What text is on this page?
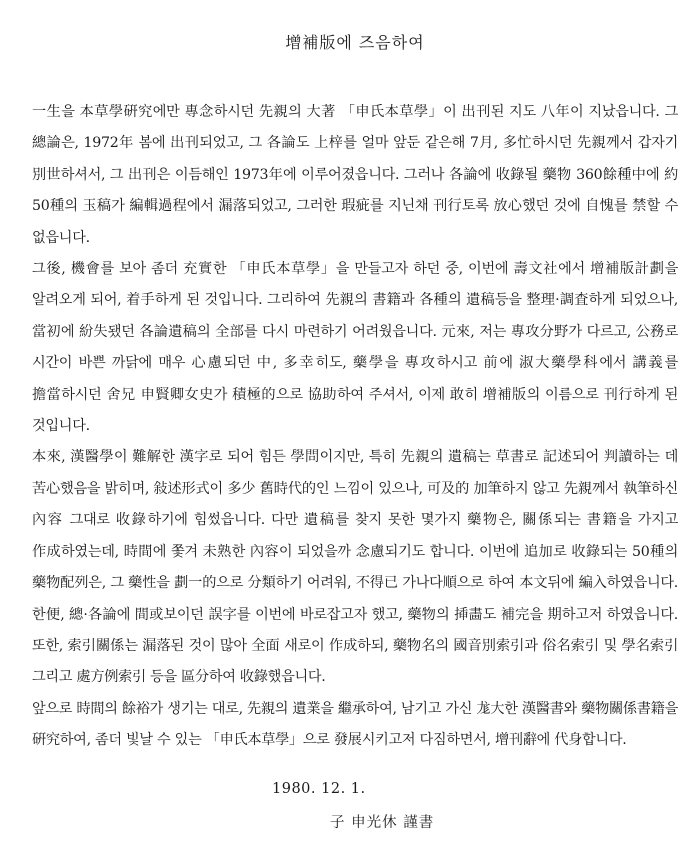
增補版에 즈음하여

一生을 本草學硏究에만 專念하시던 先親의 大著 「申氏本草學」이 出刊된 지도 八年이 지났읍니다. 그 總論은, 1972年 봄에 出刊되었고, 그 各論도 上梓를 얼마 앞둔 같은해 7月, 多忙하시던 先親께서 갑자기 別世하셔서, 그 出刊은 이듬해인 1973年에 이루어졌읍니다. 그러나 各論에 收錄될 藥物 360餘種中에 約 50種의 玉稿가 編輯過程에서 漏落되었고, 그러한 瑕疵를 지닌채 刊行토록 放心했던 것에 自愧를 禁할 수 없읍니다.

그後, 機會를 보아 좀더 充實한 「申氏本草學」을 만들고자 하던 중, 이번에 壽文社에서 增補版計劃을 알려오게 되어, 着手하게 된 것입니다. 그리하여 先親의 書籍과 各種의 遺稿등을 整理·調査하게 되었으나, 當初에 紛失됐던 各論遺稿의 全部를 다시 마련하기 어려웠읍니다. 元來, 저는 專攻分野가 다르고, 公務로 시간이 바쁜 까닭에 매우 心慮되던 中, 多幸히도, 藥學을 專攻하시고 前에 淑大藥學科에서 講義를 擔當하시던 舍兄 申賢卿女史가 積極的으로 協助하여 주셔서, 이제 敢히 增補版의 이름으로 刊行하게 된 것입니다.

本來, 漢醫學이 難解한 漢字로 되어 힘든 學問이지만, 특히 先親의 遺稿는 草書로 記述되어 判讀하는 데 苦心했음을 밝히며, 敍述形式이 多少 舊時代的인 느낌이 있으나, 可及的 加筆하지 않고 先親께서 執筆하신 內容 그대로 收錄하기에 힘썼읍니다. 다만 遺稿를 찾지 못한 몇가지 藥物은, 關係되는 書籍을 가지고 作成하였는데, 時間에 쫓겨 未熟한 內容이 되었을까 念慮되기도 합니다. 이번에 追加로 收錄되는 50種의 藥物配列은, 그 藥性을 劃一的으로 分類하기 어려워, 不得已 가나다順으로 하여 本文뒤에 編入하였읍니다. 한便, 總·各論에 間或보이던 誤字를 이번에 바로잡고자 했고, 藥物의 揷畵도 補完을 期하고저 하였읍니다. 또한, 索引關係는 漏落된 것이 많아 全面 새로이 作成하되, 藥物名의 國音別索引과 俗名索引 및 學名索引 그리고 處方例索引 등을 區分하여 收錄했읍니다.

앞으로 時間의 餘裕가 생기는 대로, 先親의 遺業을 繼承하여, 남기고 가신 尨大한 漢醫書와 藥物關係書籍을 硏究하여, 좀더 빛날 수 있는 「申氏本草學」으로 發展시키고저 다짐하면서, 增刊辭에 代身합니다.

1980. 12. 1.
子 申光休 謹書
